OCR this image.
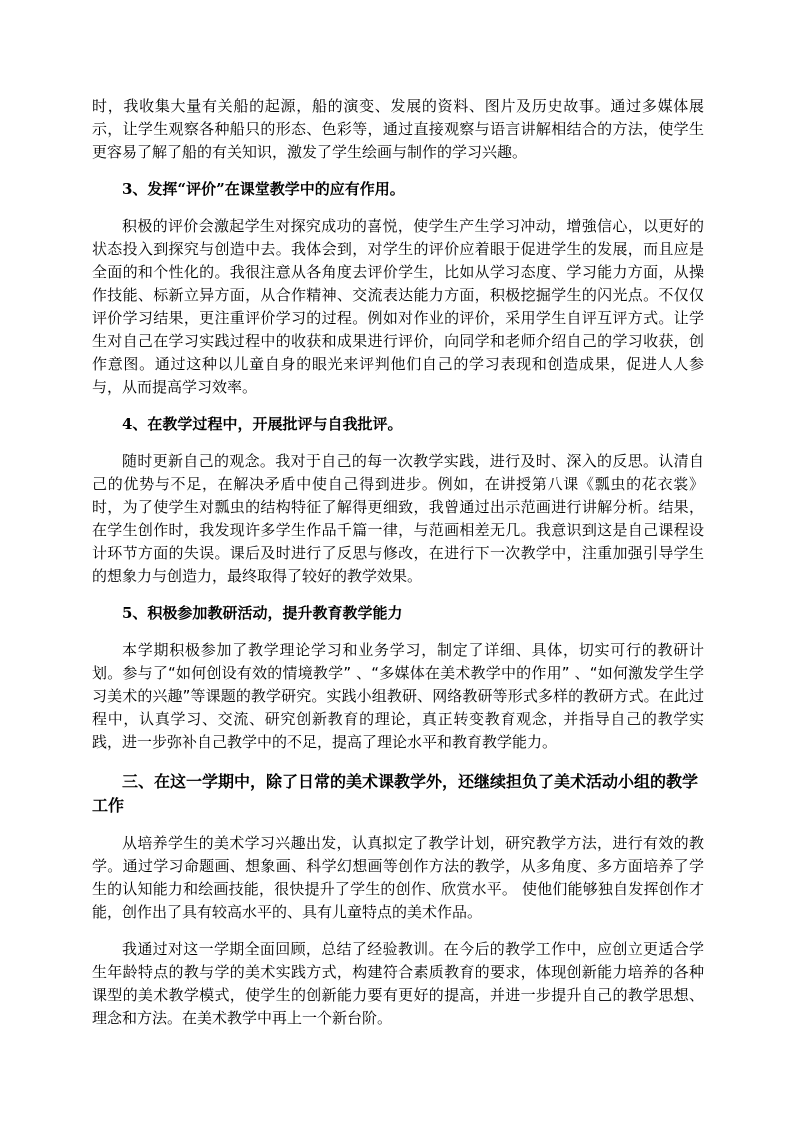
时，我收集大量有关船的起源，船的演变、发展的资料、图片及历史故事。通过多媒体展示，让学生观察各种船只的形态、色彩等，通过直接观察与语言讲解相结合的方法，使学生更容易了解了船的有关知识，激发了学生绘画与制作的学习兴趣。

3、发挥“评价”在课堂教学中的应有作用。

积极的评价会激起学生对探究成功的喜悦，使学生产生学习冲动，增強信心，以更好的状态投入到探究与创造中去。我体会到，对学生的评价应着眼于促进学生的发展，而且应是全面的和个性化的。我很注意从各角度去评价学生，比如从学习态度、学习能力方面，从操作技能、标新立异方面，从合作精神、交流表达能力方面，积极挖掘学生的闪光点。不仅仅评价学习结果，更注重评价学习的过程。例如对作业的评价，采用学生自评互评方式。让学生对自己在学习实践过程中的收获和成果进行评价，向同学和老师介绍自己的学习收获，创作意图。通过这种以儿童自身的眼光来评判他们自己的学习表现和创造成果，促进人人参与，从而提高学习效率。

4、在教学过程中，开展批评与自我批评。

随时更新自己的观念。我对于自己的每一次教学实践，进行及时、深入的反思。认清自己的优势与不足，在解决矛盾中使自己得到进步。例如，在讲授第八课《瓢虫的花衣裳》时，为了使学生对瓢虫的结构特征了解得更细致，我曾通过出示范画进行讲解分析。结果，在学生创作时，我发现许多学生作品千篇一律，与范画相差无几。我意识到这是自己课程设计环节方面的失误。课后及时进行了反思与修改，在进行下一次教学中，注重加强引导学生的想象力与创造力，最终取得了较好的教学效果。

5、积极参加教研活动，提升教育教学能力

本学期积极参加了教学理论学习和业务学习，制定了详细、具体，切实可行的教研计划。参与了“如何创设有效的情境教学” 、“多媒体在美术教学中的作用” 、“如何激发学生学习美术的兴趣”等课题的教学研究。实践小组教研、网络教研等形式多样的教研方式。在此过程中，认真学习、交流、研究创新教育的理论，真正转变教育观念，并指导自己的教学实践，进一步弥补自己教学中的不足，提高了理论水平和教育教学能力。

三、在这一学期中，除了日常的美术课教学外，还继续担负了美术活动小组的教学工作

从培养学生的美术学习兴趣出发，认真拟定了教学计划，研究教学方法，进行有效的教学。通过学习命题画、想象画、科学幻想画等创作方法的教学，从多角度、多方面培养了学生的认知能力和绘画技能，很快提升了学生的创作、欣赏水平。 使他们能够独自发挥创作才能，创作出了具有较高水平的、具有儿童特点的美术作品。

我通过对这一学期全面回顾，总结了经验教训。在今后的教学工作中，应创立更适合学生年龄特点的教与学的美术实践方式，构建符合素质教育的要求，体现创新能力培养的各种课型的美术教学模式，使学生的创新能力要有更好的提高，并进一步提升自己的教学思想、理念和方法。在美术教学中再上一个新台阶。
